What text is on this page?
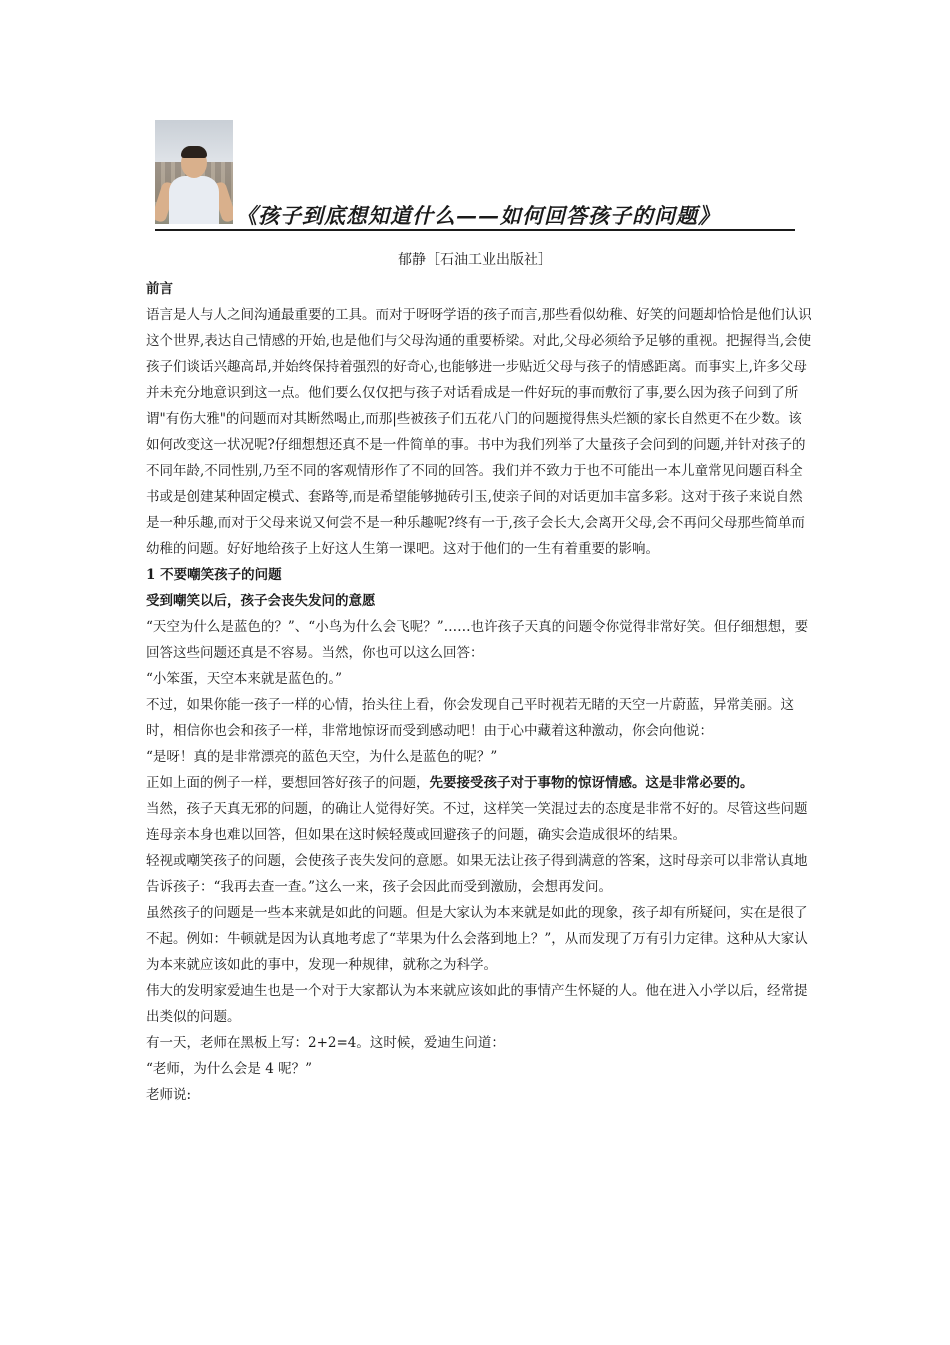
《孩子到底想知道什么——如何回答孩子的问题》
郁静［石油工业出版社］

前言

语言是人与人之间沟通最重要的工具。而对于呀呀学语的孩子而言,那些看似幼稚、好笑的问题却恰恰是他们认识这个世界,表达自己情感的开始,也是他们与父母沟通的重要桥梁。对此,父母必须给予足够的重视。把握得当,会使孩子们谈话兴趣高昂,并始终保持着强烈的好奇心,也能够进一步贴近父母与孩子的情感距离。而事实上,许多父母并未充分地意识到这一点。他们要么仅仅把与孩子对话看成是一件好玩的事而敷衍了事,要么因为孩子问到了所谓"有伤大雅"的问题而对其断然喝止,而那|些被孩子们五花八门的问题搅得焦头烂额的家长自然更不在少数。该如何改变这一状况呢?仔细想想还真不是一件简单的事。书中为我们列举了大量孩子会问到的问题,并针对孩子的不同年龄,不同性别,乃至不同的客观情形作了不同的回答。我们并不致力于也不可能出一本儿童常见问题百科全书或是创建某种固定模式、套路等,而是希望能够抛砖引玉,使亲子间的对话更加丰富多彩。这对于孩子来说自然是一种乐趣,而对于父母来说又何尝不是一种乐趣呢?终有一于,孩子会长大,会离开父母,会不再问父母那些简单而幼稚的问题。好好地给孩子上好这人生第一课吧。这对于他们的一生有着重要的影响。

1 不要嘲笑孩子的问题

受到嘲笑以后，孩子会丧失发问的意愿

“天空为什么是蓝色的？”、“小鸟为什么会飞呢？”……也许孩子天真的问题令你觉得非常好笑。但仔细想想，要回答这些问题还真是不容易。当然，你也可以这么回答：

“小笨蛋，天空本来就是蓝色的。”

不过，如果你能一孩子一样的心情，抬头往上看，你会发现自己平时视若无睹的天空一片蔚蓝，异常美丽。这时，相信你也会和孩子一样，非常地惊讶而受到感动吧！由于心中藏着这种激动，你会向他说：

“是呀！真的是非常漂亮的蓝色天空，为什么是蓝色的呢？”

正如上面的例子一样，要想回答好孩子的问题，先要接受孩子对于事物的惊讶情感。这是非常必要的。

当然，孩子天真无邪的问题，的确让人觉得好笑。不过，这样笑一笑混过去的态度是非常不好的。尽管这些问题连母亲本身也难以回答，但如果在这时候轻蔑或回避孩子的问题，确实会造成很坏的结果。

轻视或嘲笑孩子的问题，会使孩子丧失发问的意愿。如果无法让孩子得到满意的答案，这时母亲可以非常认真地告诉孩子：“我再去查一查。”这么一来，孩子会因此而受到激励，会想再发问。

虽然孩子的问题是一些本来就是如此的问题。但是大家认为本来就是如此的现象，孩子却有所疑问，实在是很了不起。例如：牛顿就是因为认真地考虑了“苹果为什么会落到地上？”，从而发现了万有引力定律。这种从大家认为本来就应该如此的事中，发现一种规律，就称之为科学。

伟大的发明家爱迪生也是一个对于大家都认为本来就应该如此的事情产生怀疑的人。他在进入小学以后，经常提出类似的问题。

有一天，老师在黑板上写：2+2=4。这时候，爱迪生问道：

“老师，为什么会是 4 呢？”

老师说:
